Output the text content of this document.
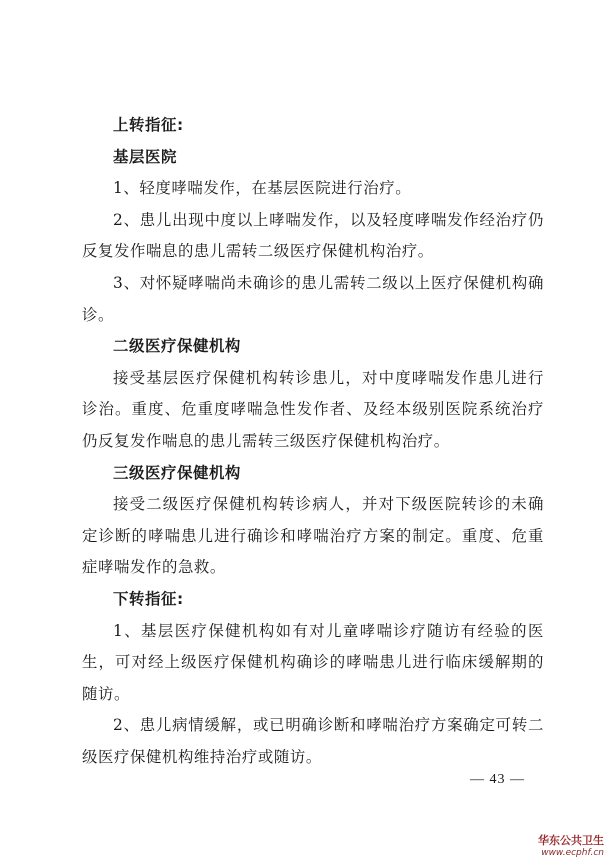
上转指征:
基层医院

1、轻度哮喘发作，在基层医院进行治疗。

2、患儿出现中度以上哮喘发作，以及轻度哮喘发作经治疗仍反复发作喘息的患儿需转二级医疗保健机构治疗。

3、对怀疑哮喘尚未确诊的患儿需转二级以上医疗保健机构确诊。

二级医疗保健机构

接受基层医疗保健机构转诊患儿，对中度哮喘发作患儿进行诊治。重度、危重度哮喘急性发作者、及经本级别医院系统治疗仍反复发作喘息的患儿需转三级医疗保健机构治疗。

三级医疗保健机构

接受二级医疗保健机构转诊病人，并对下级医院转诊的未确定诊断的哮喘患儿进行确诊和哮喘治疗方案的制定。重度、危重症哮喘发作的急救。

下转指征:

1、基层医疗保健机构如有对儿童哮喘诊疗随访有经验的医生，可对经上级医疗保健机构确诊的哮喘患儿进行临床缓解期的随访。

2、患儿病情缓解，或已明确诊断和哮喘治疗方案确定可转二级医疗保健机构维持治疗或随访。

— 43 —
华东公共卫生
www.ecphf.cn
